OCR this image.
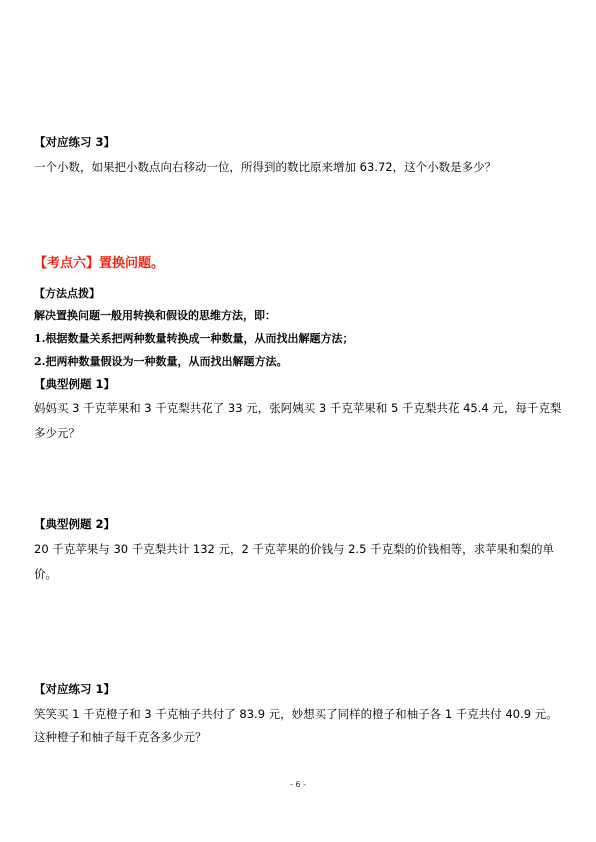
【对应练习 3】
一个小数，如果把小数点向右移动一位，所得到的数比原来增加 63.72，这个小数是多少？
【考点六】置换问题。
【方法点拨】
解决置换问题一般用转换和假设的思维方法，即：
1.根据数量关系把两种数量转换成一种数量，从而找出解题方法；
2.把两种数量假设为一种数量，从而找出解题方法。
【典型例题 1】
妈妈买 3 千克苹果和 3 千克梨共花了 33 元，张阿姨买 3 千克苹果和 5 千克梨共花 45.4 元，每千克梨
多少元？
【典型例题 2】
20 千克苹果与 30 千克梨共计 132 元，2 千克苹果的价钱与 2.5 千克梨的价钱相等，求苹果和梨的单
价。
【对应练习 1】
笑笑买 1 千克橙子和 3 千克柚子共付了 83.9 元，妙想买了同样的橙子和柚子各 1 千克共付 40.9 元。
这种橙子和柚子每千克各多少元？
- 6 -
